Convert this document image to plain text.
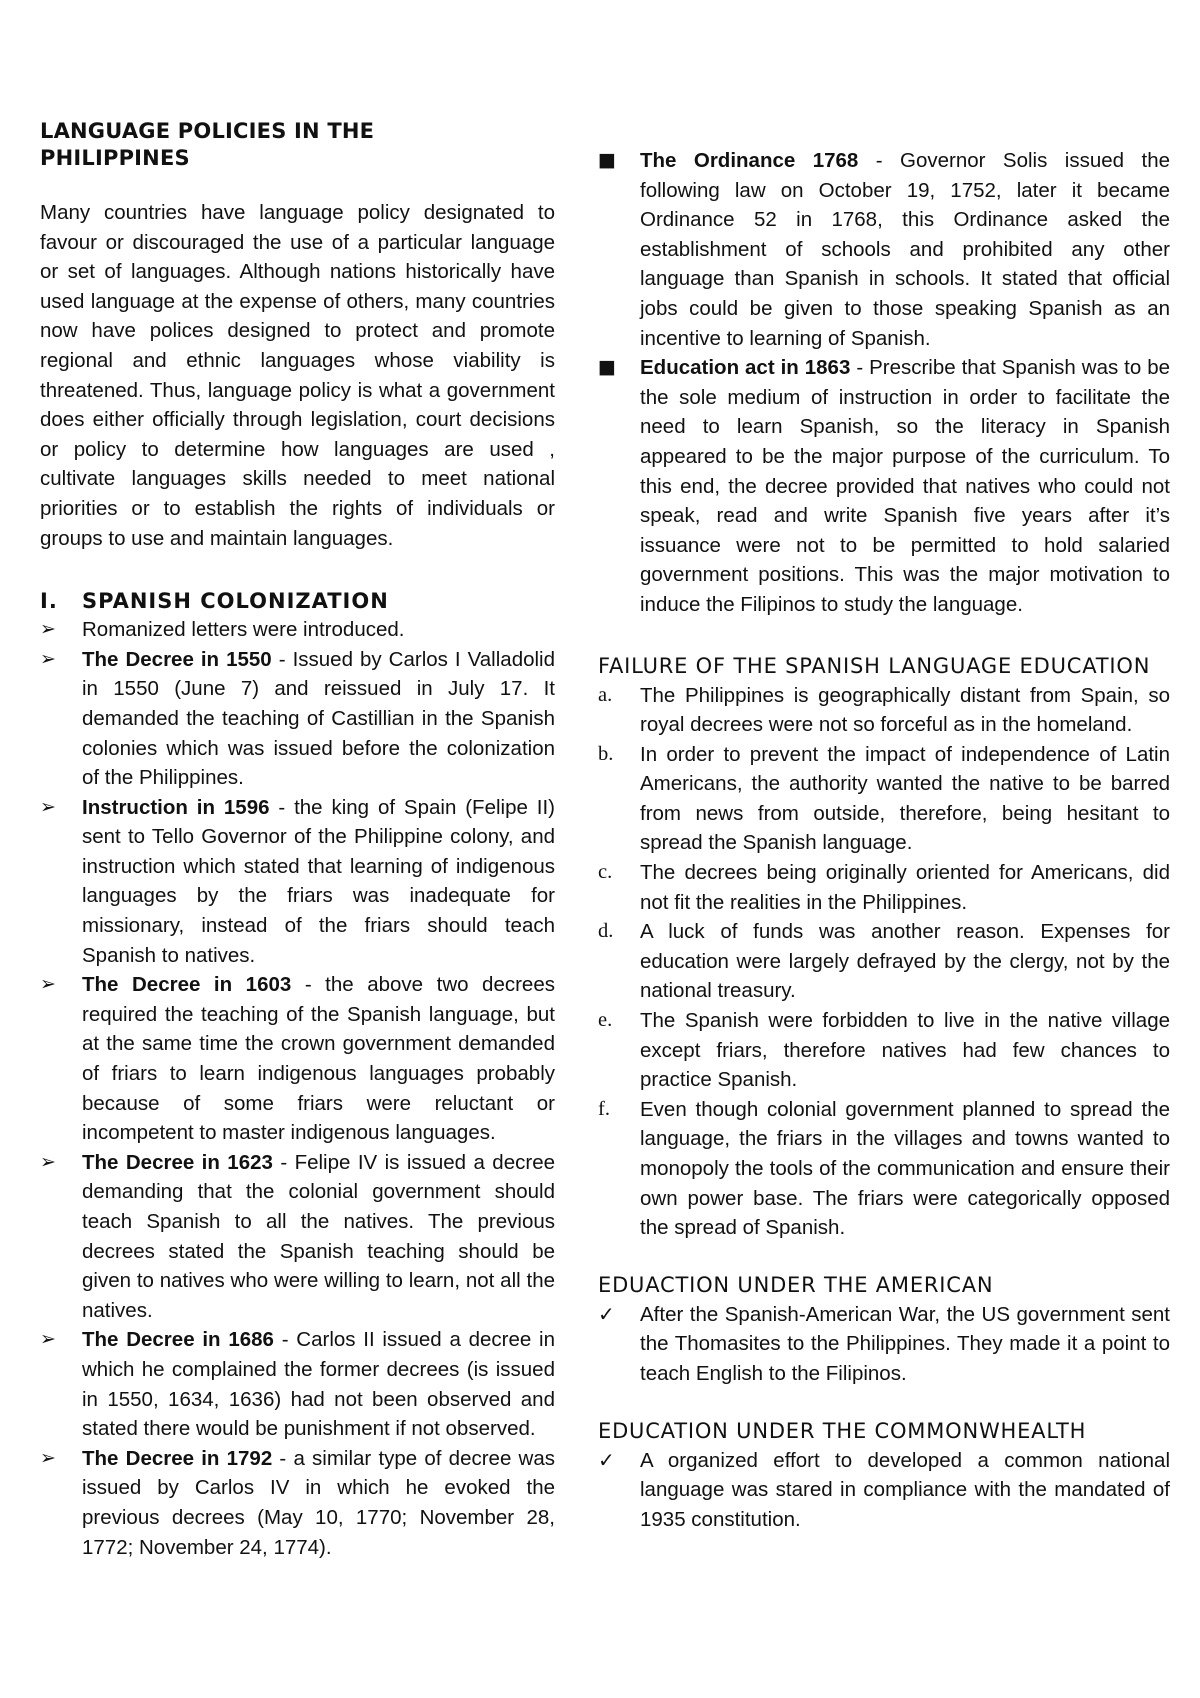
LANGUAGE POLICIES IN THE PHILIPPINES

Many countries have language policy designated to favour or discouraged the use of a particular language or set of languages. Although nations historically have used language at the expense of others, many countries now have polices designed to protect and promote regional and ethnic languages whose viability is threatened. Thus, language policy is what a government does either officially through legislation, court decisions or policy to determine how languages are used , cultivate languages skills needed to meet national priorities or to establish the rights of individuals or groups to use and maintain languages.

I.	SPANISH COLONIZATION
➢	Romanized letters were introduced.
➢	The Decree in 1550 - Issued by Carlos I Valladolid in 1550 (June 7) and reissued in July 17. It demanded the teaching of Castillian in the Spanish colonies which was issued before the colonization of the Philippines.
➢	Instruction in 1596 - the king of Spain (Felipe II) sent to Tello Governor of the Philippine colony, and instruction which stated that learning of indigenous languages by the friars was inadequate for missionary, instead of the friars should teach Spanish to natives.
➢	The Decree in 1603 - the above two decrees required the teaching of the Spanish language, but at the same time the crown government demanded of friars to learn indigenous languages probably because of some friars were reluctant or incompetent to master indigenous languages.
➢	The Decree in 1623 - Felipe IV is issued a decree demanding that the colonial government should teach Spanish to all the natives. The previous decrees stated the Spanish teaching should be given to natives who were willing to learn, not all the natives.
➢	The Decree in 1686 - Carlos II issued a decree in which he complained the former decrees (is issued in 1550, 1634, 1636) had not been observed and stated there would be punishment if not observed.
➢	The Decree in 1792 - a similar type of decree was issued by Carlos IV in which he evoked the previous decrees (May 10, 1770; November 28, 1772; November 24, 1774).
■	The Ordinance 1768 - Governor Solis issued the following law on October 19, 1752, later it became Ordinance 52 in 1768, this Ordinance asked the establishment of schools and prohibited any other language than Spanish in schools. It stated that official jobs could be given to those speaking Spanish as an incentive to learning of Spanish.
■	Education act in 1863 - Prescribe that Spanish was to be the sole medium of instruction in order to facilitate the need to learn Spanish, so the literacy in Spanish appeared to be the major purpose of the curriculum. To this end, the decree provided that natives who could not speak, read and write Spanish five years after it’s issuance were not to be permitted to hold salaried government positions. This was the major motivation to induce the Filipinos to study the language.

FAILURE OF THE SPANISH LANGUAGE EDUCATION

a.	The Philippines is geographically distant from Spain, so royal decrees were not so forceful as in the homeland.
b.	In order to prevent the impact of independence of Latin Americans, the authority wanted the native to be barred from news from outside, therefore, being hesitant to spread the Spanish language.
c.	The decrees being originally oriented for Americans, did not fit the realities in the Philippines.
d.	A luck of funds was another reason. Expenses for education were largely defrayed by the clergy, not by the national treasury.
e.	The Spanish were forbidden to live in the native village except friars, therefore natives had few chances to practice Spanish.
f.	Even though colonial government planned to spread the language, the friars in the villages and towns wanted to monopoly the tools of the communication and ensure their own power base. The friars were categorically opposed the spread of Spanish.

EDUACTION UNDER THE AMERICAN

✓	After the Spanish-American War, the US government sent the Thomasites to the Philippines. They made it a point to teach English to the Filipinos.

EDUCATION UNDER THE COMMONWHEALTH

✓	A organized effort to developed a common national language was stared in compliance with the mandated of 1935 constitution.
